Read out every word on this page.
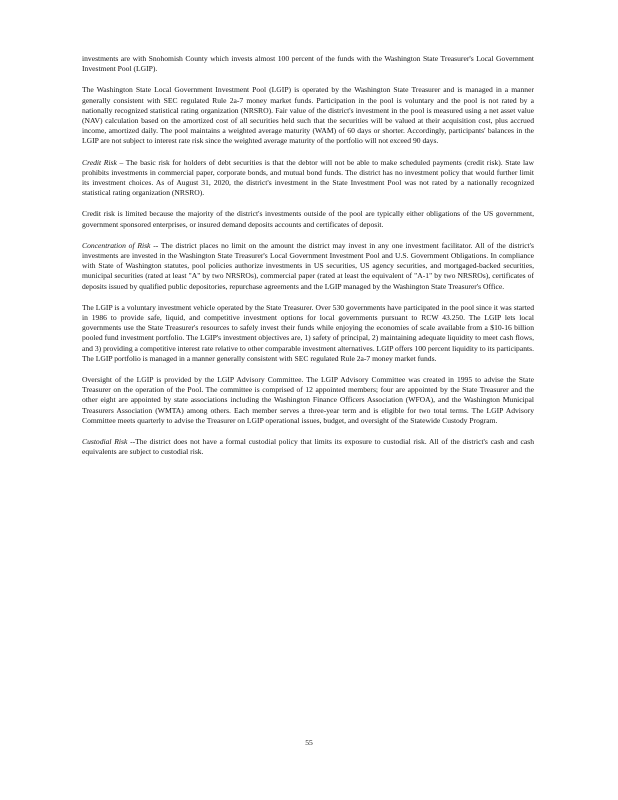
investments are with Snohomish County which invests almost 100 percent of the funds with the Washington State Treasurer's Local Government Investment Pool (LGIP).

The Washington State Local Government Investment Pool (LGIP) is operated by the Washington State Treasurer and is managed in a manner generally consistent with SEC regulated Rule 2a-7 money market funds. Participation in the pool is voluntary and the pool is not rated by a nationally recognized statistical rating organization (NRSRO). Fair value of the district's investment in the pool is measured using a net asset value (NAV) calculation based on the amortized cost of all securities held such that the securities will be valued at their acquisition cost, plus accrued income, amortized daily. The pool maintains a weighted average maturity (WAM) of 60 days or shorter. Accordingly, participants' balances in the LGIP are not subject to interest rate risk since the weighted average maturity of the portfolio will not exceed 90 days.

Credit Risk – The basic risk for holders of debt securities is that the debtor will not be able to make scheduled payments (credit risk). State law prohibits investments in commercial paper, corporate bonds, and mutual bond funds. The district has no investment policy that would further limit its investment choices. As of August 31, 2020, the district's investment in the State Investment Pool was not rated by a nationally recognized statistical rating organization (NRSRO).

Credit risk is limited because the majority of the district's investments outside of the pool are typically either obligations of the US government, government sponsored enterprises, or insured demand deposits accounts and certificates of deposit.

Concentration of Risk -- The district places no limit on the amount the district may invest in any one investment facilitator. All of the district's investments are invested in the Washington State Treasurer's Local Government Investment Pool and U.S. Government Obligations. In compliance with State of Washington statutes, pool policies authorize investments in US securities, US agency securities, and mortgaged-backed securities, municipal securities (rated at least "A" by two NRSROs), commercial paper (rated at least the equivalent of "A-1" by two NRSROs), certificates of deposits issued by qualified public depositories, repurchase agreements and the LGIP managed by the Washington State Treasurer's Office.

The LGIP is a voluntary investment vehicle operated by the State Treasurer. Over 530 governments have participated in the pool since it was started in 1986 to provide safe, liquid, and competitive investment options for local governments pursuant to RCW 43.250. The LGIP lets local governments use the State Treasurer's resources to safely invest their funds while enjoying the economies of scale available from a $10-16 billion pooled fund investment portfolio. The LGIP's investment objectives are, 1) safety of principal, 2) maintaining adequate liquidity to meet cash flows, and 3) providing a competitive interest rate relative to other comparable investment alternatives. LGIP offers 100 percent liquidity to its participants. The LGIP portfolio is managed in a manner generally consistent with SEC regulated Rule 2a-7 money market funds.

Oversight of the LGIP is provided by the LGIP Advisory Committee. The LGIP Advisory Committee was created in 1995 to advise the State Treasurer on the operation of the Pool. The committee is comprised of 12 appointed members; four are appointed by the State Treasurer and the other eight are appointed by state associations including the Washington Finance Officers Association (WFOA), and the Washington Municipal Treasurers Association (WMTA) among others. Each member serves a three-year term and is eligible for two total terms. The LGIP Advisory Committee meets quarterly to advise the Treasurer on LGIP operational issues, budget, and oversight of the Statewide Custody Program.

Custodial Risk --The district does not have a formal custodial policy that limits its exposure to custodial risk. All of the district's cash and cash equivalents are subject to custodial risk.

55
